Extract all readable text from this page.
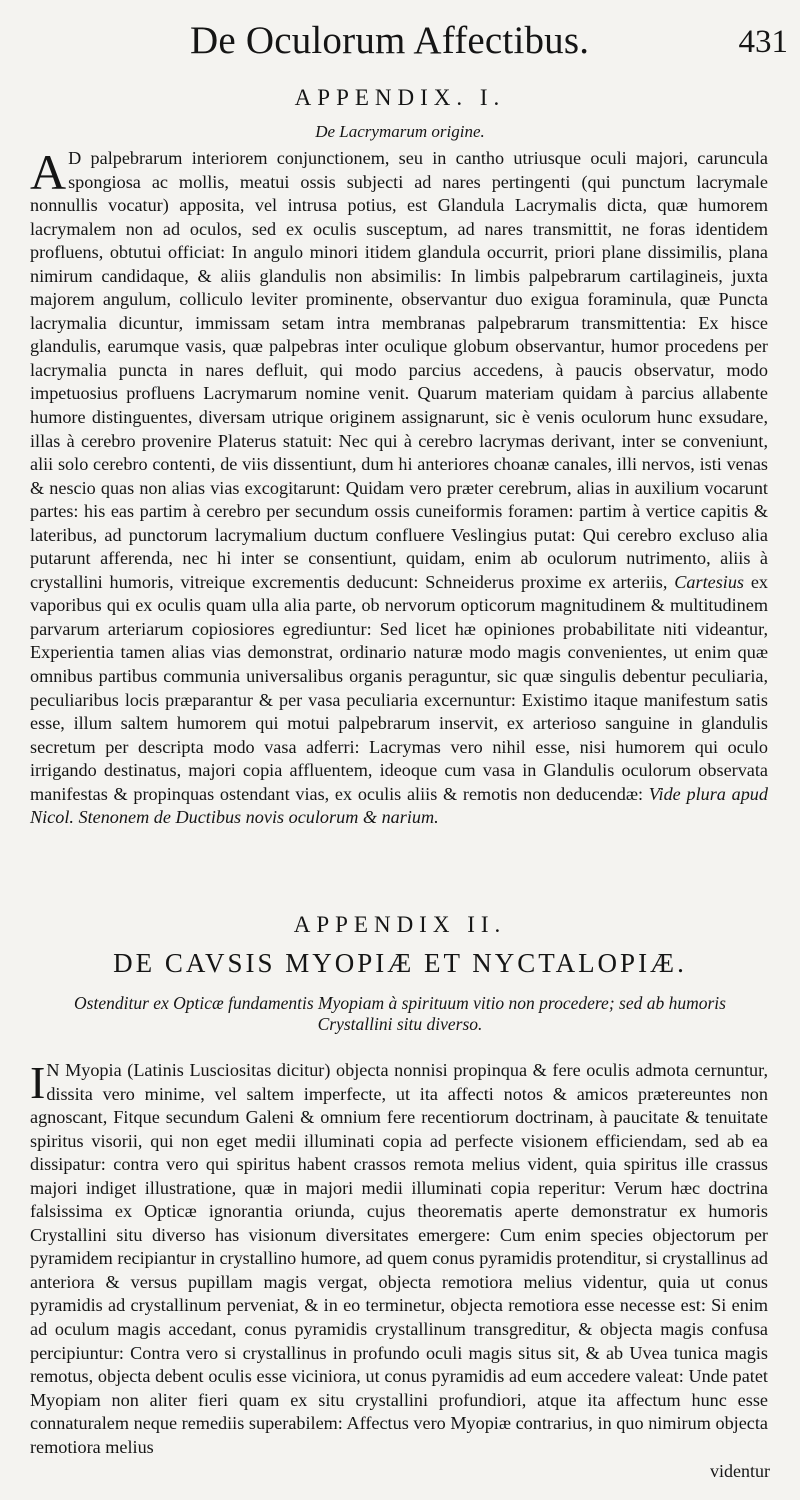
De Oculorum Affectibus.	431
APPENDIX. I.
De Lacrymarum origine.
A D palpebrarum interiorem conjunctionem, seu in cantho utriusque oculi majori, caruncula spongiosa ac mollis, meatui ossis subjecti ad nares pertingenti (qui punctum lacrymale nonnullis vocatur) apposita, vel intrusa potius, est Glandula Lacrymalis dicta, quæ humorem lacrymalem non ad oculos, sed ex oculis susceptum, ad nares transmittit, ne foras identidem profluens, obtutui officiat: In angulo minori itidem glandula occurrit, priori plane dissimilis, plana nimirum candidaque, & aliis glandulis non absimilis: In limbis palpebrarum cartilagineis, juxta majorem angulum, colliculo leviter prominente, observantur duo exigua foraminula, quæ Puncta lacrymalia dicuntur, immissam setam intra membranas palpebrarum transmittentia: Ex hisce glandulis, earumque vasis, quæ palpebras inter oculique globum observantur, humor procedens per lacrymalia puncta in nares defluit, qui modo parcius accedens, à paucis observatur, modo impetuosius profluens Lacrymarum nomine venit. Quarum materiam quidam à parcius allabente humore distinguentes, diversam utrique originem assignarunt, sic è venis oculorum hunc exsudare, illas à cerebro provenire Platerus statuit: Nec qui à cerebro lacrymas derivant, inter se conveniunt, alii solo cerebro contenti, de viis dissentiunt, dum hi anteriores choanæ canales, illi nervos, isti venas & nescio quas non alias vias excogitarunt: Quidam vero præter cerebrum, alias in auxilium vocarunt partes: his eas partim à cerebro per secundum ossis cuneiformis foramen: partim à vertice capitis & lateribus, ad punctorum lacrymalium ductum confluere Veslingius putat: Qui cerebro excluso alia putarunt afferenda, nec hi inter se consentiunt, quidam, enim ab oculorum nutrimento, aliis à crystallini humoris, vitreique excrementis deducunt: Schneiderus proxime ex arteriis, Cartesius ex vaporibus qui ex oculis quam ulla alia parte, ob nervorum opticorum magnitudinem & multitudinem parvarum arteriarum copiosiores egrediuntur: Sed licet hæ opiniones probabilitate niti videantur, Experientia tamen alias vias demonstrat, ordinario naturæ modo magis convenientes, ut enim quæ omnibus partibus communia universalibus organis peraguntur, sic quæ singulis debentur peculiaria, peculiaribus locis præparantur & per vasa peculiaria excernuntur: Existimo itaque manifestum satis esse, illum saltem humorem qui motui palpebrarum inservit, ex arterioso sanguine in glandulis secretum per descripta modo vasa adferri: Lacrymas vero nihil esse, nisi humorem qui oculo irrigando destinatus, majori copia affluentem, ideoque cum vasa in Glandulis oculorum observata manifestas & propinquas ostendant vias, ex oculis aliis & remotis non deducendæ: Vide plura apud Nicol. Stenonem de Ductibus novis oculorum & narium.
APPENDIX II.
DE CAVSIS MYOPIÆ ET NYCTALOPIÆ.
Ostenditur ex Opticæ fundamentis Myopiam à spirituum vitio non procedere; sed ab humoris Crystallini situ diverso.
I N Myopia (Latinis Lusciositas dicitur) objecta nonnisi propinqua & fere oculis admota cernuntur, dissita vero minime, vel saltem imperfecte, ut ita affecti notos & amicos prætereuntes non agnoscant, Fitque secundum Galeni & omnium fere recentiorum doctrinam, à paucitate & tenuitate spiritus visorii, qui non eget medii illuminati copia ad perfecte visionem efficiendam, sed ab ea dissipatur: contra vero qui spiritus habent crassos remota melius vident, quia spiritus ille crassus majori indiget illustratione, quæ in majori medii illuminati copia reperitur: Verum hæc doctrina falsissima ex Opticæ ignorantia oriunda, cujus theorematis aperte demonstratur ex humoris Crystallini situ diverso has visionum diversitates emergere: Cum enim species objectorum per pyramidem recipiantur in crystallino humore, ad quem conus pyramidis protenditur, si crystallinus ad anteriora & versus pupillam magis vergat, objecta remotiora melius videntur, quia ut conus pyramidis ad crystallinum perveniat, & in eo terminetur, objecta remotiora esse necesse est: Si enim ad oculum magis accedant, conus pyramidis crystallinum transgreditur, & objecta magis confusa percipiuntur: Contra vero si crystallinus in profundo oculi magis situs sit, & ab Uvea tunica magis remotus, objecta debent oculis esse viciniora, ut conus pyramidis ad eum accedere valeat: Unde patet Myopiam non aliter fieri quam ex situ crystallini profundiori, atque ita affectum hunc esse connaturalem neque remediis superabilem: Affectus vero Myopiæ contrarius, in quo nimirum objecta remotiora melius
videntur
